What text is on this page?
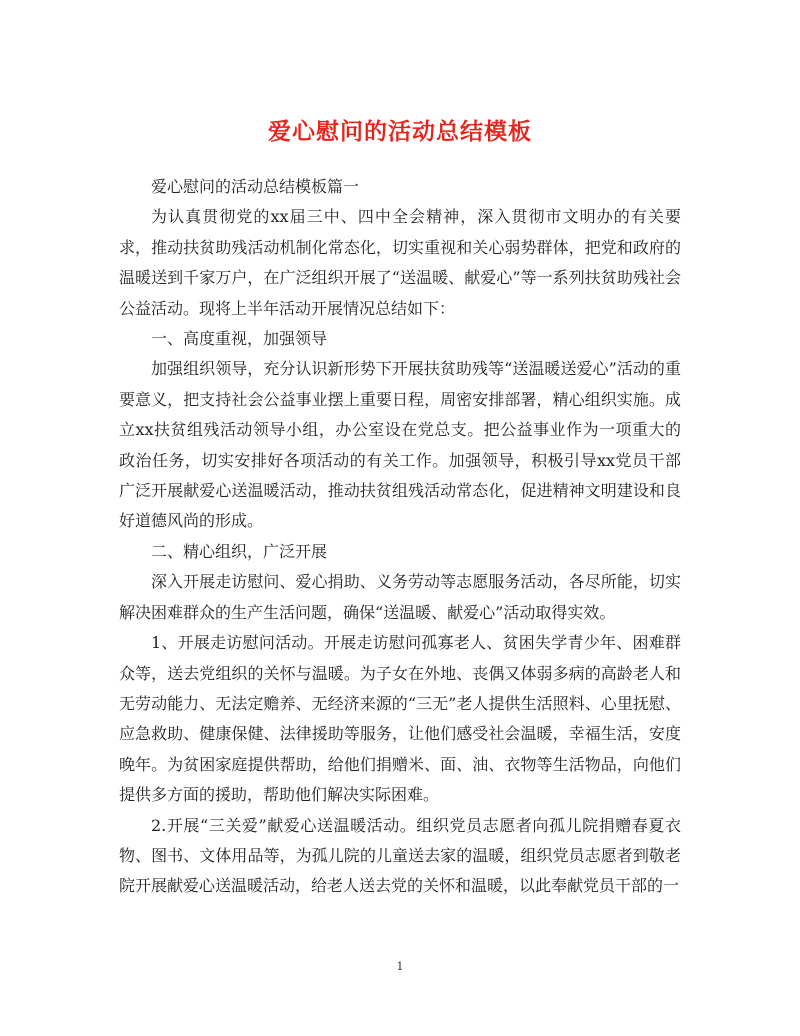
爱心慰问的活动总结模板

爱心慰问的活动总结模板篇一

为认真贯彻党的xx届三中、四中全会精神，深入贯彻市文明办的有关要求，推动扶贫助残活动机制化常态化，切实重视和关心弱势群体，把党和政府的温暖送到千家万户，在广泛组织开展了“送温暖、献爱心”等一系列扶贫助残社会公益活动。现将上半年活动开展情况总结如下：

一、高度重视，加强领导

加强组织领导，充分认识新形势下开展扶贫助残等“送温暖送爱心”活动的重要意义，把支持社会公益事业摆上重要日程，周密安排部署，精心组织实施。成立xx扶贫组残活动领导小组，办公室设在党总支。把公益事业作为一项重大的政治任务，切实安排好各项活动的有关工作。加强领导，积极引导xx党员干部广泛开展献爱心送温暖活动，推动扶贫组残活动常态化，促进精神文明建设和良好道德风尚的形成。

二、精心组织，广泛开展

深入开展走访慰问、爱心捐助、义务劳动等志愿服务活动，各尽所能，切实解决困难群众的生产生活问题，确保“送温暖、献爱心”活动取得实效。

1、开展走访慰问活动。开展走访慰问孤寡老人、贫困失学青少年、困难群众等，送去党组织的关怀与温暖。为子女在外地、丧偶又体弱多病的高龄老人和无劳动能力、无法定赡养、无经济来源的“三无”老人提供生活照料、心里抚慰、应急救助、健康保健、法律援助等服务，让他们感受社会温暖，幸福生活，安度晚年。为贫困家庭提供帮助，给他们捐赠米、面、油、衣物等生活物品，向他们提供多方面的援助，帮助他们解决实际困难。

2.开展“三关爱”献爱心送温暖活动。组织党员志愿者向孤儿院捐赠春夏衣物、图书、文体用品等，为孤儿院的儿童送去家的温暖，组织党员志愿者到敬老院开展献爱心送温暖活动，给老人送去党的关怀和温暖，以此奉献党员干部的一

1
